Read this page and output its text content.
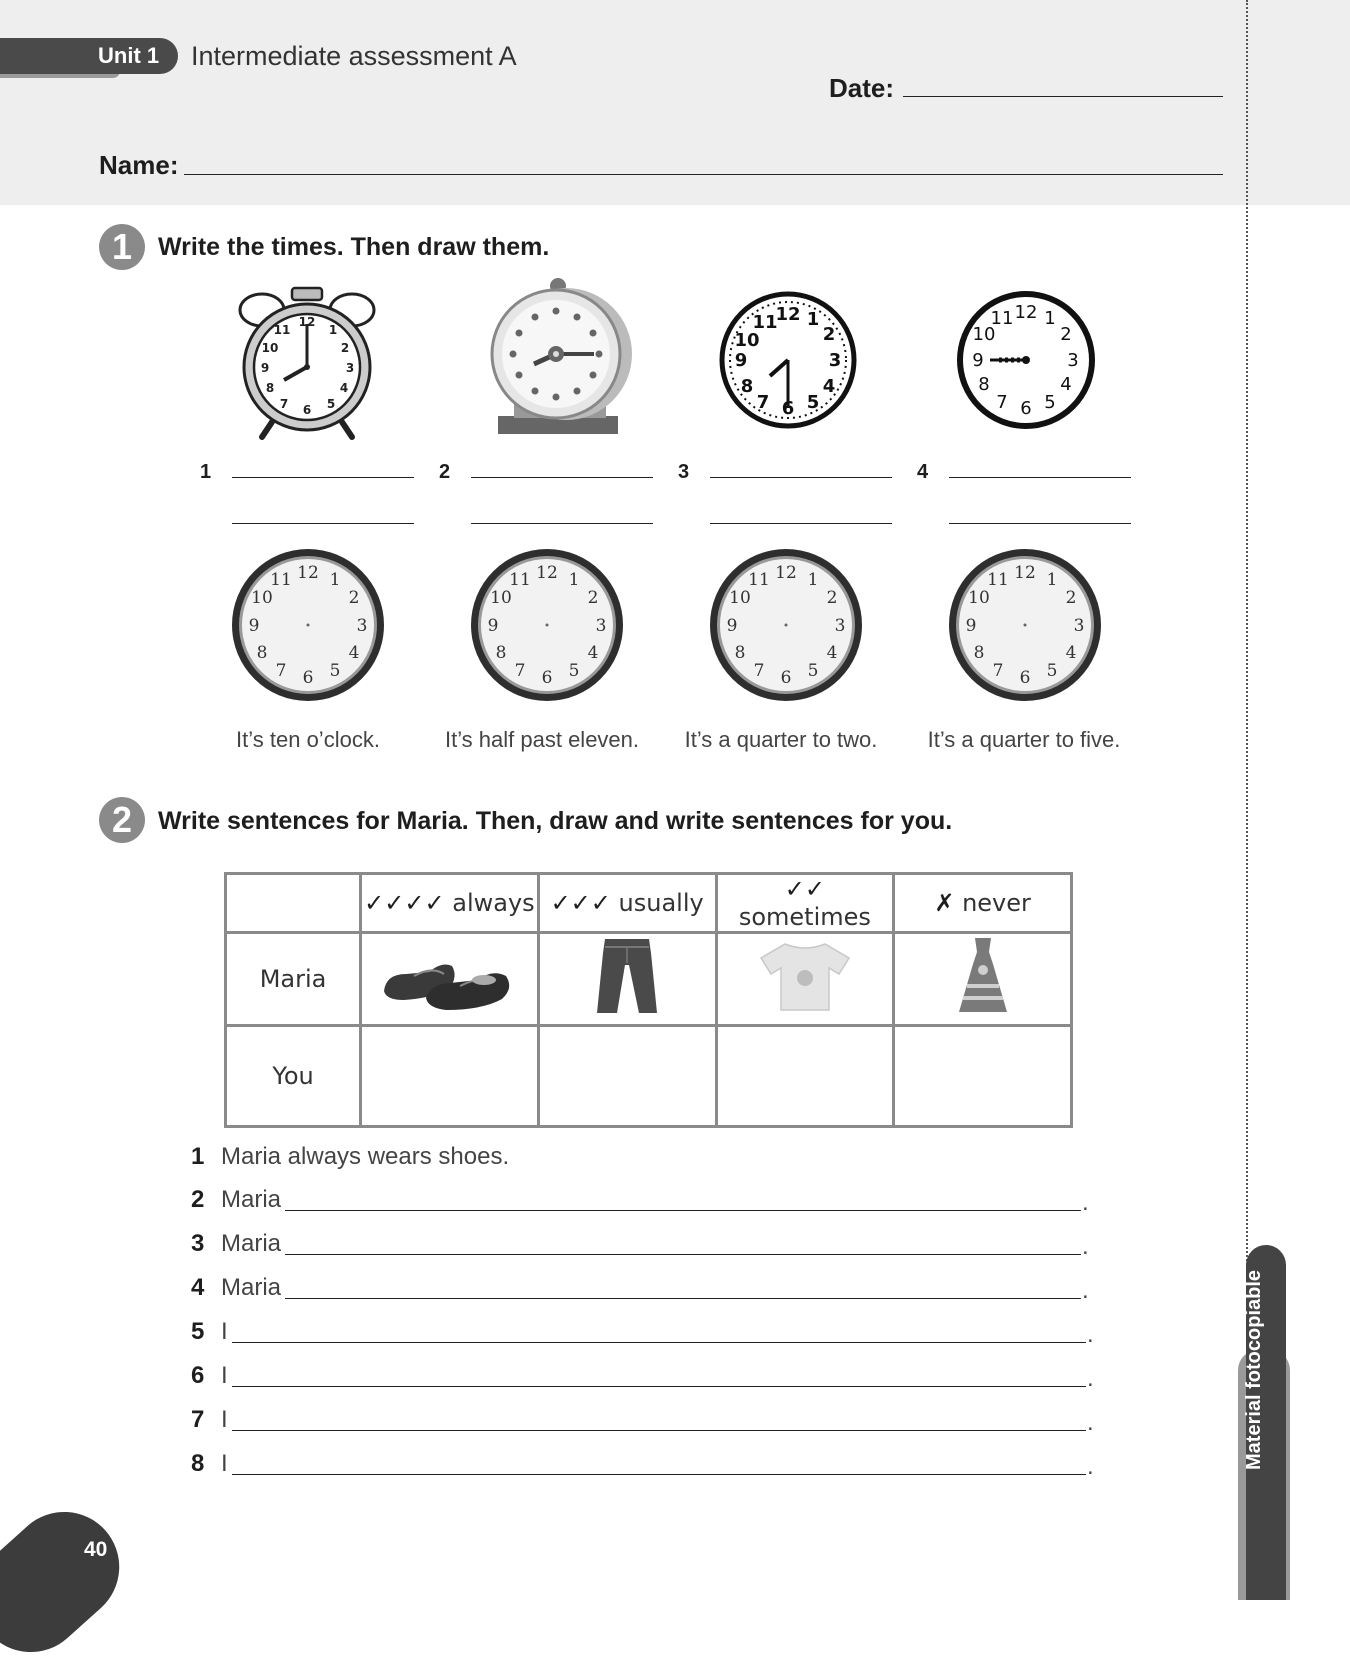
Unit 1 Intermediate assessment A
Date:
Name:
1	Write the times. Then draw them.
12
1
2
3
4
5
6
7
8
9
10
11
12 1
2
3
4
5
6
7
8
9
10
11	12 1
2
3
4
5
6
7
8
9
10
11
1	2	3	4
12 1
2
3
4
5
6
7
8
9
10
11	12 1
2
3
4
5
6
7
8
9
10
11	12 1
2
3
4
5
6
7
8
9
10
11	12 1
2
3
4
5
6
7
8
9
10
11
It’s ten o’clock.	It’s half past eleven.	It’s a quarter to two.	It’s a quarter to five.
2	Write sentences for Maria. Then, draw and write sentences for you.
	✓✓✓✓ always	✓✓✓ usually	✓✓ sometimes	✗ never
Maria				
You				
1 Maria always wears shoes.
2 Maria	.
3 Maria	.
4 Maria	.
5 I	.
6 I	.
7 I	.
8 I	.	Material fotocopiable
40
